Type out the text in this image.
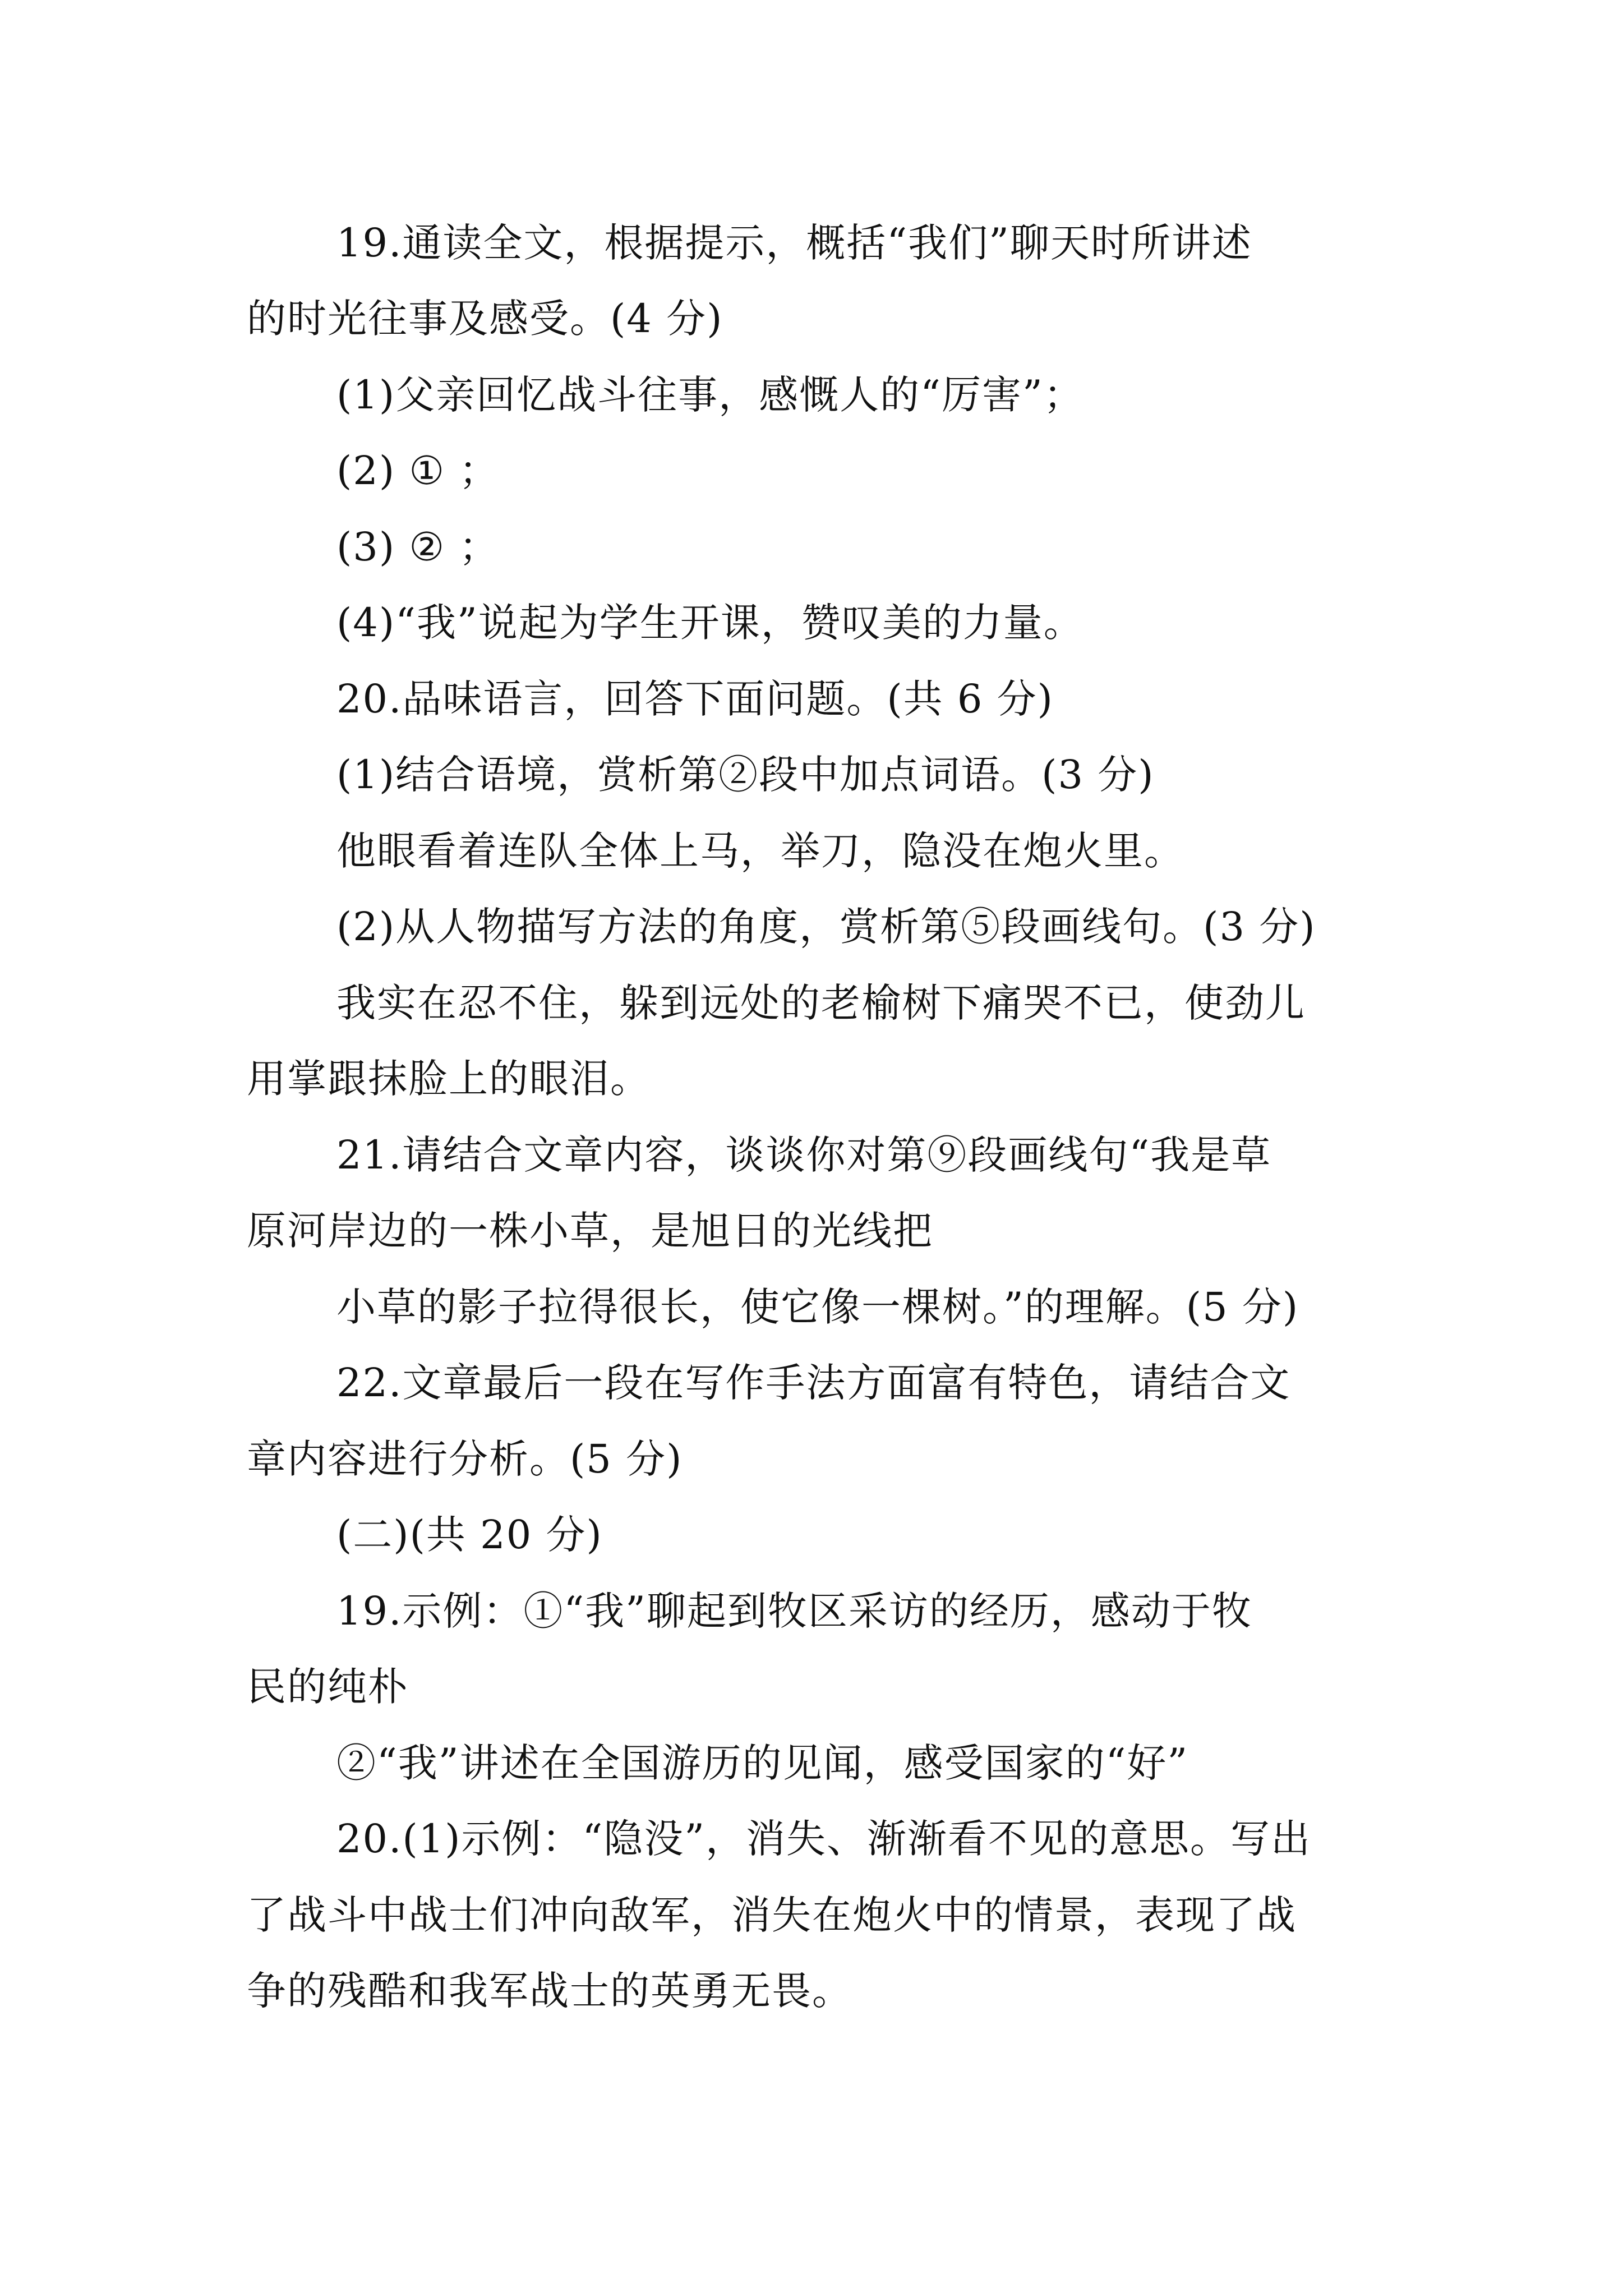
19.通读全文，根据提示，概括“我们”聊天时所讲述
的时光往事及感受。(4 分)
(1)父亲回忆战斗往事，感慨人的“厉害”；
(2) ① ；
(3) ② ；
(4)“我”说起为学生开课，赞叹美的力量。
20.品味语言，回答下面问题。(共 6 分)
(1)结合语境，赏析第②段中加点词语。(3 分)
他眼看着连队全体上马，举刀，隐没在炮火里。
(2)从人物描写方法的角度，赏析第⑤段画线句。(3 分)
我实在忍不住，躲到远处的老榆树下痛哭不已，使劲儿
用掌跟抹脸上的眼泪。
21.请结合文章内容，谈谈你对第⑨段画线句“我是草
原河岸边的一株小草，是旭日的光线把
小草的影子拉得很长，使它像一棵树。”的理解。(5 分)
22.文章最后一段在写作手法方面富有特色，请结合文
章内容进行分析。(5 分)
(二)(共 20 分)
19.示例：①“我”聊起到牧区采访的经历，感动于牧
民的纯朴
②“我”讲述在全国游历的见闻，感受国家的“好”
20.(1)示例：“隐没”，消失、渐渐看不见的意思。写出
了战斗中战士们冲向敌军，消失在炮火中的情景，表现了战
争的残酷和我军战士的英勇无畏。
